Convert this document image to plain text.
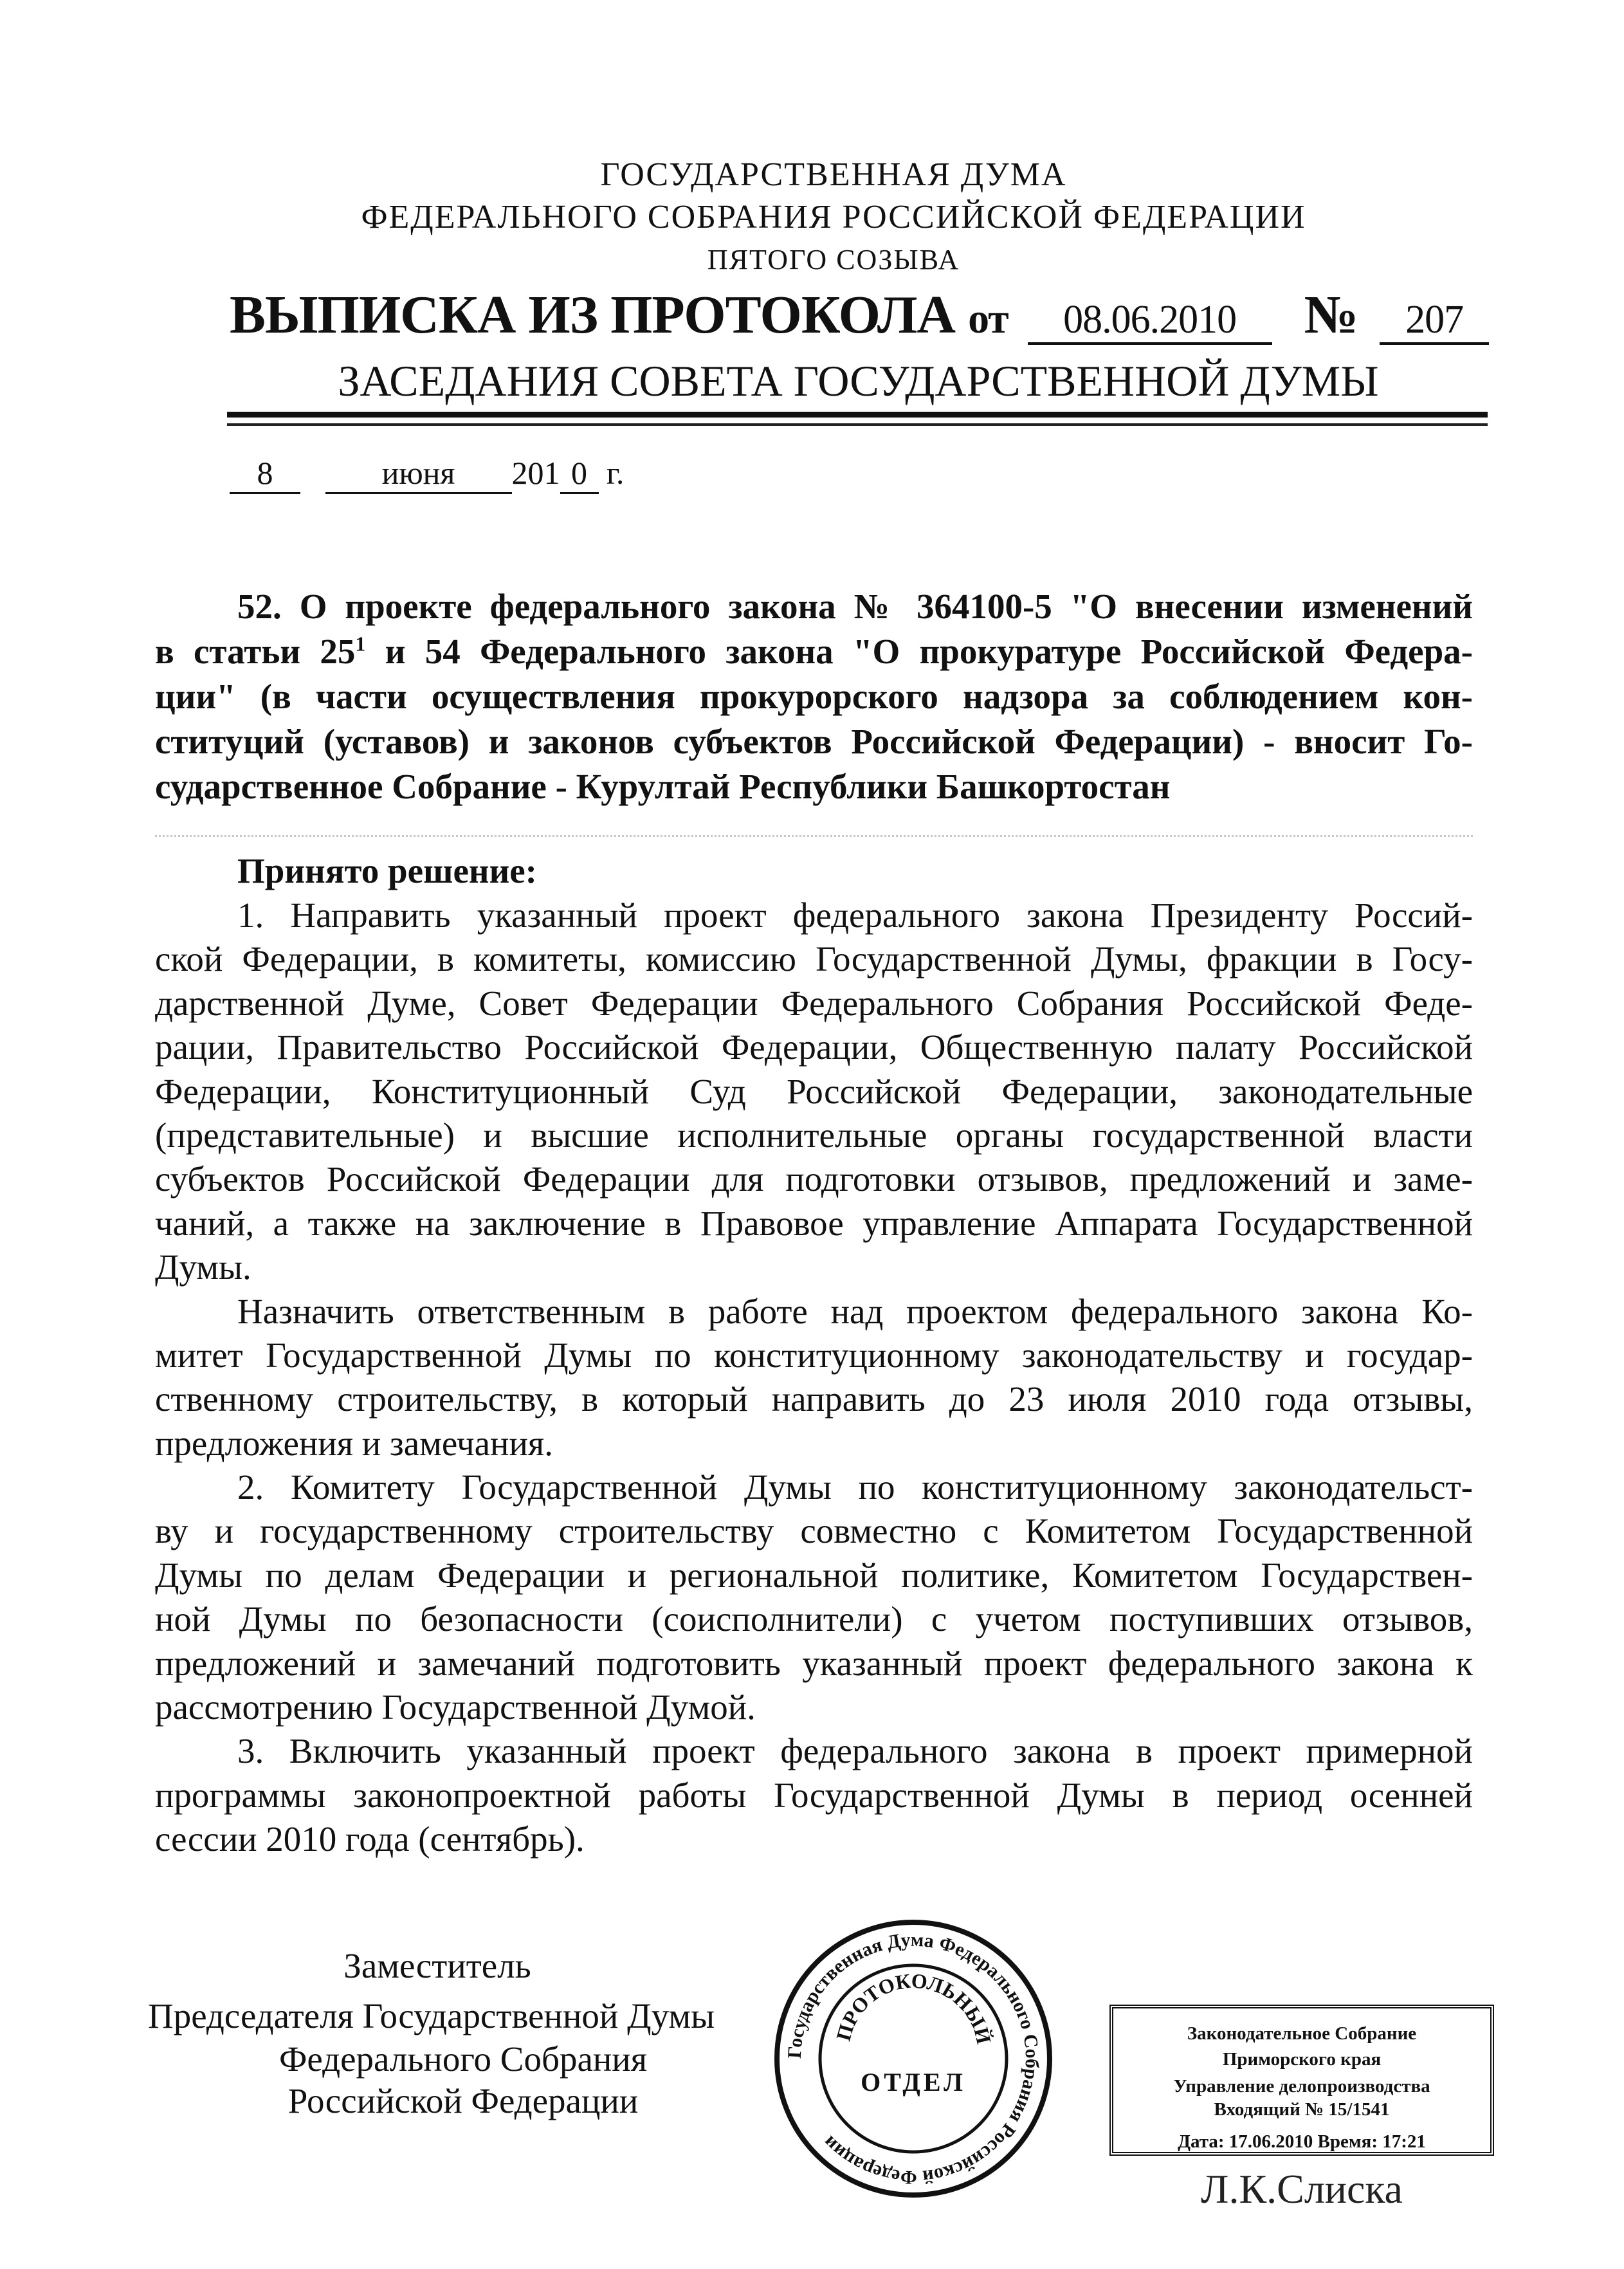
ГОСУДАРСТВЕННАЯ ДУМА
ФЕДЕРАЛЬНОГО СОБРАНИЯ РОССИЙСКОЙ ФЕДЕРАЦИИ
ПЯТОГО СОЗЫВА
ВЫПИСКА ИЗ ПРОТОКОЛА от 08.06.2010 № 207
ЗАСЕДАНИЯ СОВЕТА ГОСУДАРСТВЕННОЙ ДУМЫ
8	июня 201 0 г.
52. О проекте федерального закона № 364100-5 "О внесении изменений
в статьи $25^1$ и 54 Федерального закона "О прокуратуре Российской Федера-
ции" (в части осуществления прокурорского надзора за соблюдением кон-
ституций (уставов) и законов субъектов Российской Федерации) - вносит Го-
сударственное Собрание - Курултай Республики Башкортостан
Принято решение:
1. Направить указанный проект федерального закона Президенту Россий-
ской Федерации, в комитеты, комиссию Государственной Думы, фракции в Госу-
дарственной Думе, Совет Федерации Федерального Собрания Российской Феде-
рации, Правительство Российской Федерации, Общественную палату Российской
Федерации, Конституционный Суд Российской Федерации, законодательные
(представительные) и высшие исполнительные органы государственной власти
субъектов Российской Федерации для подготовки отзывов, предложений и заме-
чаний, а также на заключение в Правовое управление Аппарата Государственной
Думы.
Назначить ответственным в работе над проектом федерального закона Ко-
митет Государственной Думы по конституционному законодательству и государ-
ственному строительству, в который направить до 23 июля 2010 года отзывы,
предложения и замечания.
2. Комитету Государственной Думы по конституционному законодательст-
ву и государственному строительству совместно с Комитетом Государственной
Думы по делам Федерации и региональной политике, Комитетом Государствен-
ной Думы по безопасности (соисполнители) с учетом поступивших отзывов,
предложений и замечаний подготовить указанный проект федерального закона к
рассмотрению Государственной Думой.
3. Включить указанный проект федерального закона в проект примерной
программы законопроектной работы Государственной Думы в период осенней
сессии 2010 года (сентябрь).
Заместитель
Председателя Государственной Думы
Федерального Собрания
Российской Федерации
Государственная Дума Федерального Собрания Российской Федерации
ПРОТОКОЛЬНЫЙ
ОТДЕЛ
Законодательное Собрание
Приморского края
Управление делопроизводства
Входящий № 15/1541
Дата: 17.06.2010 Время: 17:21
Л.К.Слиска
